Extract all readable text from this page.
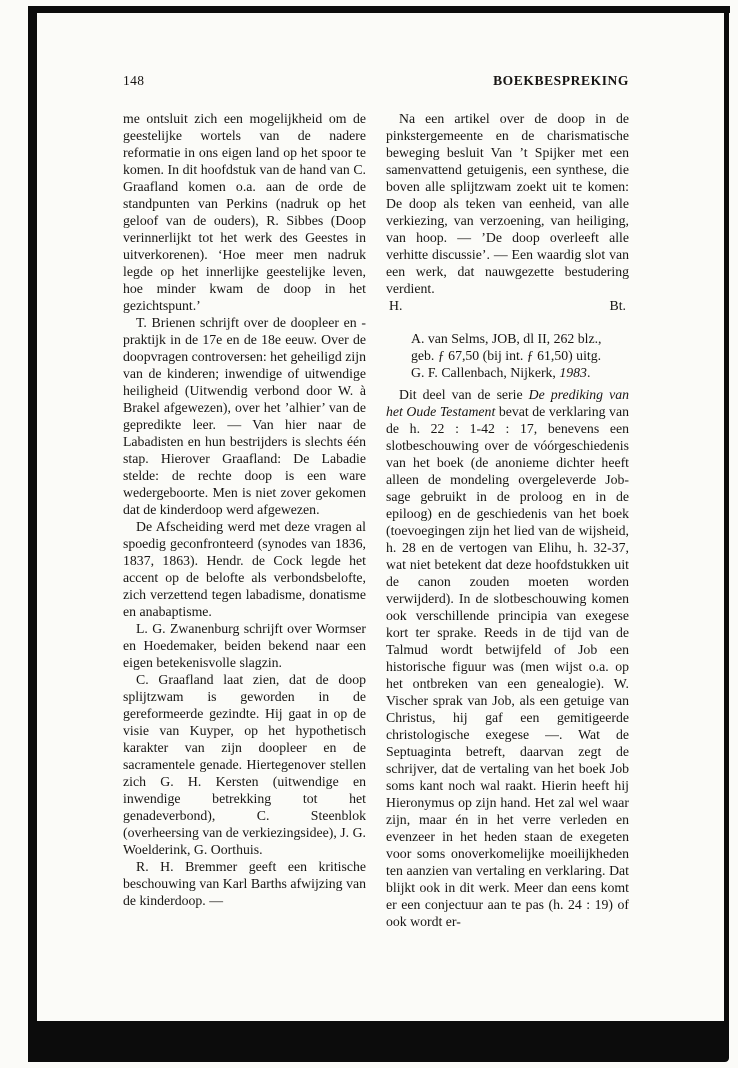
148	BOEKBESPREKING

me ontsluit zich een mogelijkheid om de geestelijke wortels van de nadere reformatie in ons eigen land op het spoor te komen. In dit hoofdstuk van de hand van C. Graafland komen o.a. aan de orde de standpunten van Perkins (nadruk op het geloof van de ouders), R. Sibbes (Doop verinnerlijkt tot het werk des Geestes in uitverkorenen). ‘Hoe meer men nadruk legde op het innerlijke geestelijke leven, hoe minder kwam de doop in het gezichtspunt.’

T. Brienen schrijft over de doopleer en -praktijk in de 17e en de 18e eeuw. Over de doopvragen controversen: het geheiligd zijn van de kinderen; inwendige of uitwendige heiligheid (Uitwendig verbond door W. à Brakel afgewezen), over het ’alhier’ van de gepredikte leer. — Van hier naar de Labadisten en hun bestrijders is slechts één stap. Hierover Graafland: De Labadie stelde: de rechte doop is een ware wedergeboorte. Men is niet zover gekomen dat de kinderdoop werd afgewezen.

De Afscheiding werd met deze vragen al spoedig geconfronteerd (synodes van 1836, 1837, 1863). Hendr. de Cock legde het accent op de belofte als verbondsbelofte, zich verzettend tegen labadisme, donatisme en anabaptisme.

L. G. Zwanenburg schrijft over Wormser en Hoedemaker, beiden bekend naar een eigen betekenisvolle slagzin.

C. Graafland laat zien, dat de doop splijtzwam is geworden in de gereformeerde gezindte. Hij gaat in op de visie van Kuyper, op het hypothetisch karakter van zijn doopleer en de sacramentele genade. Hiertegenover stellen zich G. H. Kersten (uitwendige en inwendige betrekking tot het genadeverbond), C. Steenblok (overheersing van de verkiezingsidee), J. G. Woelderink, G. Oorthuis.

R. H. Bremmer geeft een kritische beschouwing van Karl Barths afwijzing van de kinderdoop. —

Na een artikel over de doop in de pinkstergemeente en de charismatische beweging besluit Van ’t Spijker met een samenvattend getuigenis, een synthese, die boven alle splijtzwam zoekt uit te komen: De doop als teken van eenheid, van alle verkiezing, van verzoening, van heiliging, van hoop. — ’De doop overleeft alle verhitte discussie’. — Een waardig slot van een werk, dat nauwgezette bestudering verdient.

H.	Bt.

A. van Selms, JOB, dl II, 262 blz.,

geb. ƒ 67,50 (bij int. ƒ 61,50) uitg.

G. F. Callenbach, Nijkerk, 1983.

Dit deel van de serie De prediking van het Oude Testament bevat de verklaring van de h. 22 : 1-42 : 17, benevens een slotbeschouwing over de vóórgeschiedenis van het boek (de anonieme dichter heeft alleen de mondeling overgeleverde Job-sage gebruikt in de proloog en in de epiloog) en de geschiedenis van het boek (toevoegingen zijn het lied van de wijsheid, h. 28 en de vertogen van Elihu, h. 32-37, wat niet betekent dat deze hoofdstukken uit de canon zouden moeten worden verwijderd). In de slotbeschouwing komen ook verschillende principia van exegese kort ter sprake. Reeds in de tijd van de Talmud wordt betwijfeld of Job een historische figuur was (men wijst o.a. op het ontbreken van een genealogie). W. Vischer sprak van Job, als een getuige van Christus, hij gaf een gemitigeerde christologische exegese —. Wat de Septuaginta betreft, daarvan zegt de schrijver, dat de vertaling van het boek Job soms kant noch wal raakt. Hierin heeft hij Hieronymus op zijn hand. Het zal wel waar zijn, maar én in het verre verleden en evenzeer in het heden staan de exegeten voor soms onoverkomelijke moeilijkheden ten aanzien van vertaling en verklaring. Dat blijkt ook in dit werk. Meer dan eens komt er een conjectuur aan te pas (h. 24 : 19) of ook wordt er-
